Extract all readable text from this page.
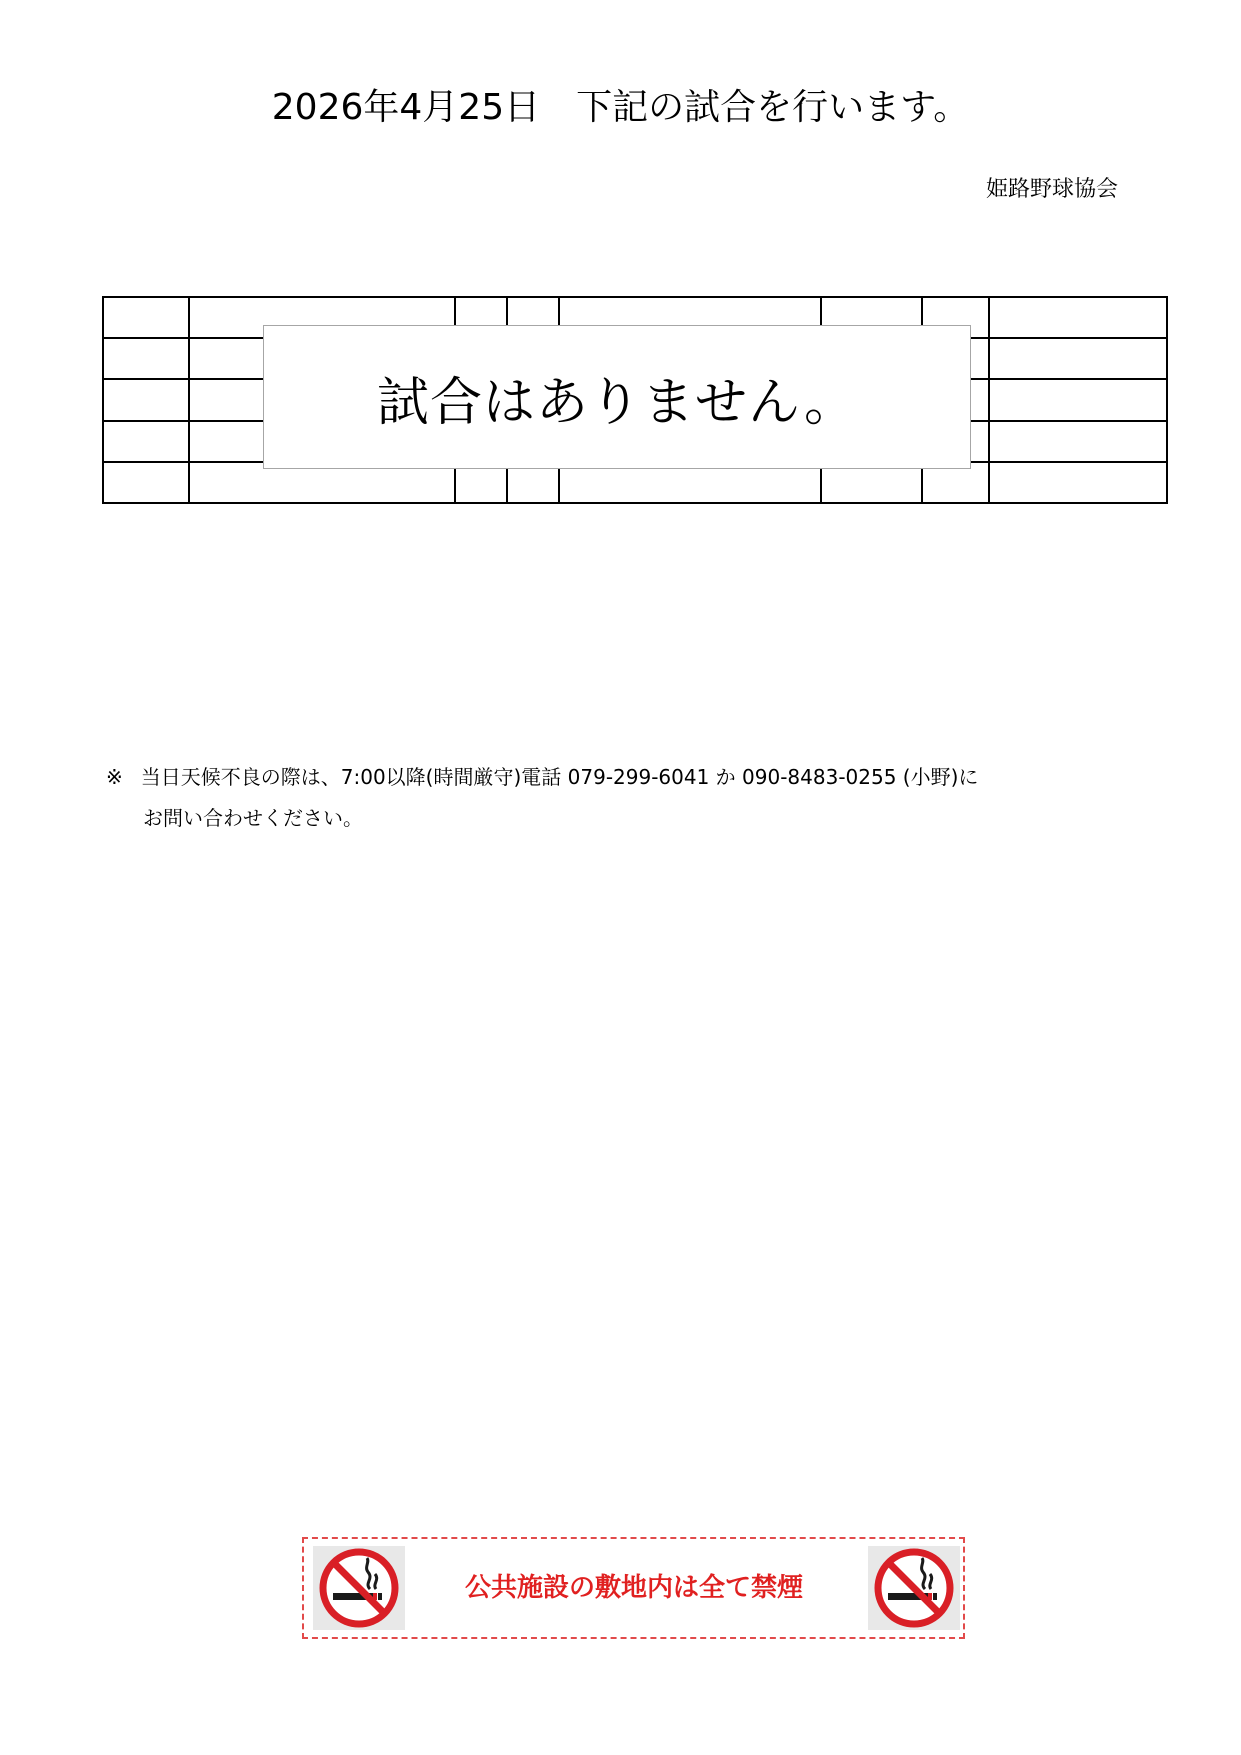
2026年4月25日　下記の試合を行います。
姫路野球協会

試合はありません。
※ 当日天候不良の際は、7:00以降(時間厳守)電話 079-299-6041 か 090-8483-0255 (小野)に
お問い合わせください。
公共施設の敷地内は全て禁煙
